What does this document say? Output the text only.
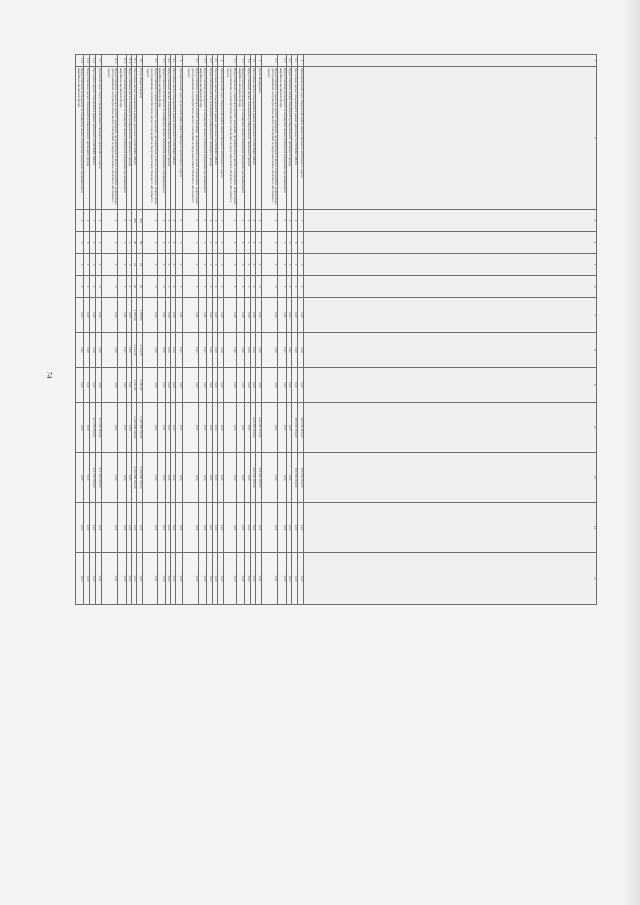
74
1	2	3	4	5	6	7	8	9	10	11	12	13
6	Муниципальный округ Надымский район Ямало-Ненецкого автономного округа	0	0	0	0	0,00	0,00	0,00	300 000 000,00	300 000 000,00	0,00	0,00
6.1	Расселение жилых помещений в рамках деятельности НО ФЖС ЯНАО	0	0	0	0	0,00	0,00	0,00	300 000 000,00	300 000 000,00	0,00	0,00
6.2	Предоставление жилых помещений муниципального жилищного фонда	0	0	0	0	0,00	0,00	0,00	0,00	0,00	0,00	0,00
6.3	Предоставление возмещения за изымаемые жилые помещения гражданам, проживающим в аварийном жилищном фонде	0	0	0	0	0,00	0,00	0,00	0,00	0,00	0,00	0,00
6.4	Предоставление социальных выплат гражданам, проживающим в жилых помещениях, непригодных для проживания, на приобретение жилых помещений за пределами Ямало-Ненецкого автономного округа	0	0	0	0	0,00	0,00	0,00	0,00	0,00	0,00	0,00
7	Город Муравленко	0	0	0	0	0,00	0,00	0,00	220 200 000,00	220 200 000,00	0,00	0,00
7.1	Расселение жилых помещений в рамках деятельности НО ФЖС ЯНАО	0	0	0	0	0,00	0,00	0,00	220 200 000,00	220 200 000,00	0,00	0,00
7.2	Предоставление жилых помещений муниципального жилищного фонда	0	0	0	0	0,00	0,00	0,00	0,00	0,00	0,00	0,00
7.3	Предоставление возмещения за изымаемые жилые помещения гражданам, проживающим в аварийном жилищном фонде	0	0	0	0	0,00	0,00	0,00	0,00	0,00	0,00	0,00
7.4	Предоставление социальных выплат гражданам, проживающим в жилых помещениях, непригодных для проживания, на приобретение жилых помещений за пределами Ямало-Ненецкого автономного округа	0	0	0	0	0,00	0,00	0,00	0,00	0,00	0,00	0,00
8	Муниципальный округ Надымский район Ямало-Ненецкого автономного округа	0	0	0	0	0,00	0,00	0,00	0,00	0,00	0,00	0,00
8.1	Расселение жилых помещений в рамках деятельности НО ФЖС ЯНАО	0	0	0	0	0,00	0,00	0,00	0,00	0,00	0,00	0,00
8.2	Предоставление жилых помещений муниципального жилищного фонда	0	0	0	0	0,00	0,00	0,00	0,00	0,00	0,00	0,00
8.3	Предоставление возмещения за изымаемые жилые помещения гражданам, проживающим в аварийном жилищном фонде	0	0	0	0	0,00	0,00	0,00	0,00	0,00	0,00	0,00
8.4	Предоставление социальных выплат гражданам, проживающим в жилых помещениях, непригодных для проживания, на приобретение жилых помещений за пределами Ямало-Ненецкого автономного округа	0	0	0	0	0,00	0,00	0,00	0,00	0,00	0,00	0,00
9	Муниципальный округ Пуровский район Ямало-Ненецкого автономного округа	0	0	0	0	0,00	0,00	0,00	0,00	0,00	0,00	0,00
9.1	Расселение жилых помещений в рамках деятельности НО ФЖС ЯНАО	0	0	0	0	0,00	0,00	0,00	0,00	0,00	0,00	0,00
9.2	Предоставление жилых помещений муниципального жилищного фонда	0	0	0	0	0,00	0,00	0,00	0,00	0,00	0,00	0,00
9.3	Предоставление возмещения за изымаемые жилые помещения гражданам, проживающим в аварийном жилищном фонде	0	0	0	0	0,00	0,00	0,00	0,00	0,00	0,00	0,00
9.4	Предоставление социальных выплат гражданам, проживающим в жилых помещениях, непригодных для проживания, на приобретение жилых помещений за пределами Ямало-Ненецкого автономного округа	0	0	0	0	0,00	0,00	0,00	0,00	0,00	0,00	0,00
10	Город Новый Уренгой	284	96	34	40	4 786,50	2 144,70	2 041,80	2 182 868 530,00	2 182 868 530,00	0,00	0,00
10.1	Расселение жилых помещений в рамках деятельности НО ФЖС ЯНАО	284	96	34	40	4 786,50	2 144,70	2 041,80	2 182 868 530,00	2 182 868 530,00	0,00	0,00
10.2	Предоставление жилых помещений муниципального жилищного фонда	0	0	0	0	0,00	0,00	0,00	0,00	0,00	0,00	0,00
10.3	Предоставление возмещения за изымаемые жилые помещения гражданам, проживающим в аварийном жилищном фонде	0	0	0	0	0,00	0,00	0,00	0,00	0,00	0,00	0,00
10.4	Предоставление социальных выплат гражданам, проживающим в жилых помещениях, непригодных для проживания, на приобретение жилых помещений за пределами Ямало-Ненецкого автономного округа	0	0	0	0	0,00	0,00	0,00	0,00	0,00	0,00	0,00
11	Городской округ город Губкинский Ямало-Ненецкого автономного округа	0	0	0	0	0,00	0,00	0,00	417 255 000,00	417 255 000,00	0,00	0,00
11.1	Расселение жилых помещений в рамках деятельности НО ФЖС ЯНАО	0	0	0	0	0,00	0,00	0,00	417 255 000,00	417 255 000,00	0,00	0,00
11.2	Предоставление жилых помещений муниципального жилищного фонда	0	0	0	0	0,00	0,00	0,00	0,00	0,00	0,00	0,00
11.3	Предоставление возмещения за изымаемые жилые помещения гражданам, проживающим в аварийном жилищном фонде	0	0	0	0	0,00	0,00	0,00	0,00	0,00	0,00	0,00
